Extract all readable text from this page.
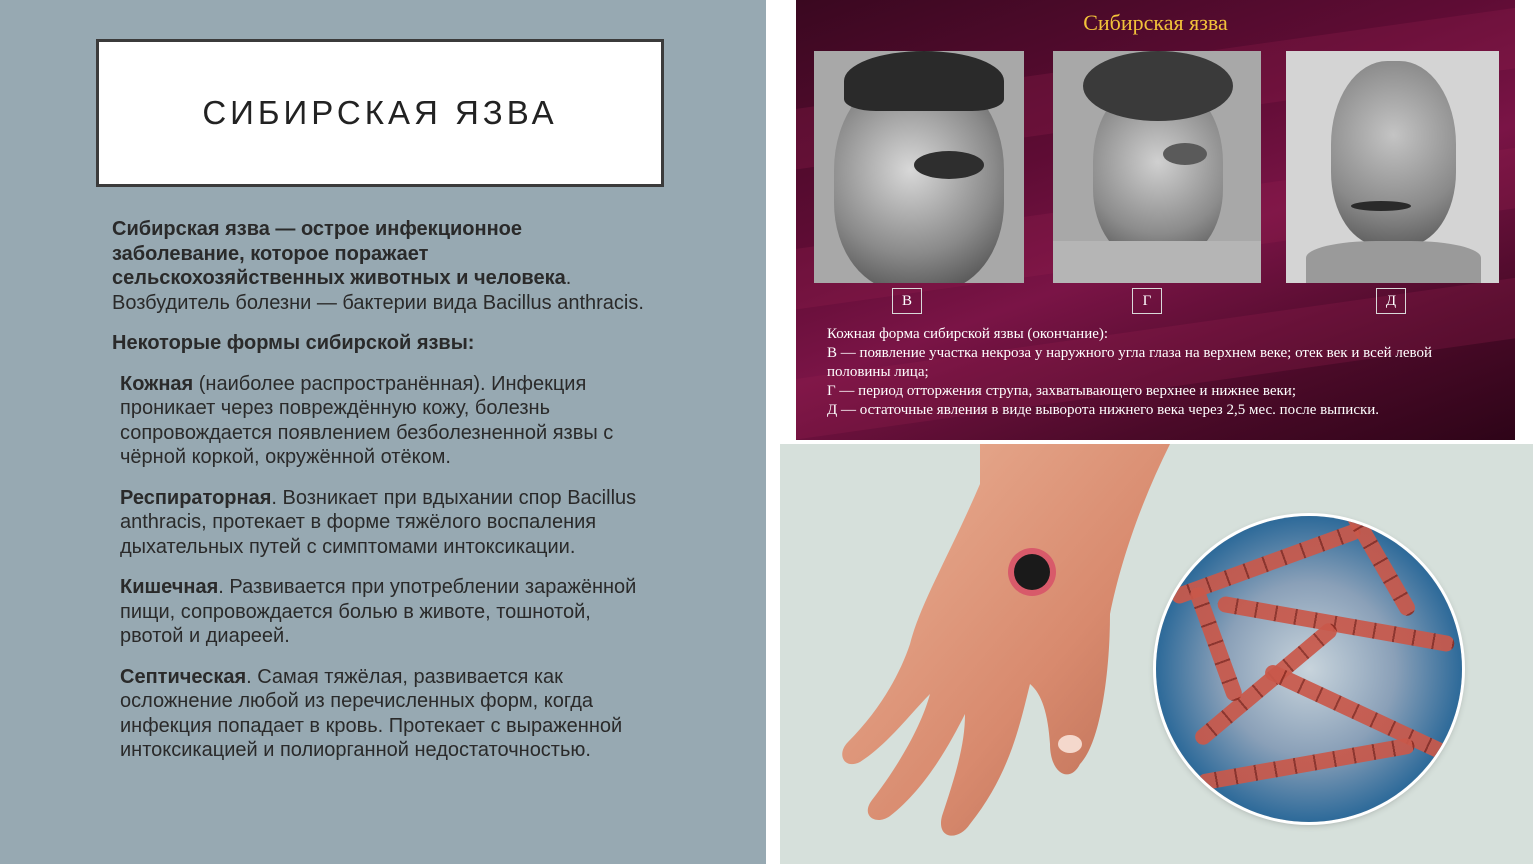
СИБИРСКАЯ ЯЗВА

Сибирская язва — острое инфекционное заболевание, которое поражает сельскохозяйственных животных и человека. Возбудитель болезни — бактерии вида Bacillus anthracis.

Некоторые формы сибирской язвы:

Кожная (наиболее распространённая). Инфекция проникает через повреждённую кожу, болезнь сопровождается появлением безболезненной язвы с чёрной коркой, окружённой отёком.

Респираторная. Возникает при вдыхании спор Bacillus anthracis, протекает в форме тяжёлого воспаления дыхательных путей с симптомами интоксикации.

Кишечная. Развивается при употреблении заражённой пищи, сопровождается болью в животе, тошнотой, рвотой и диареей.

Септическая. Самая тяжёлая, развивается как осложнение любой из перечисленных форм, когда инфекция попадает в кровь. Протекает с выраженной интоксикацией и полиорганной недостаточностью.

Сибирская язва
В	Г	Д
Кожная форма сибирской язвы (окончание):
В — появление участка некроза у наружного угла глаза на верхнем веке; отек век и всей левой половины лица;
Г — период отторжения струпа, захватывающего верхнее и нижнее веки;
Д — остаточные явления в виде выворота нижнего века через 2,5 мес. после выписки.
